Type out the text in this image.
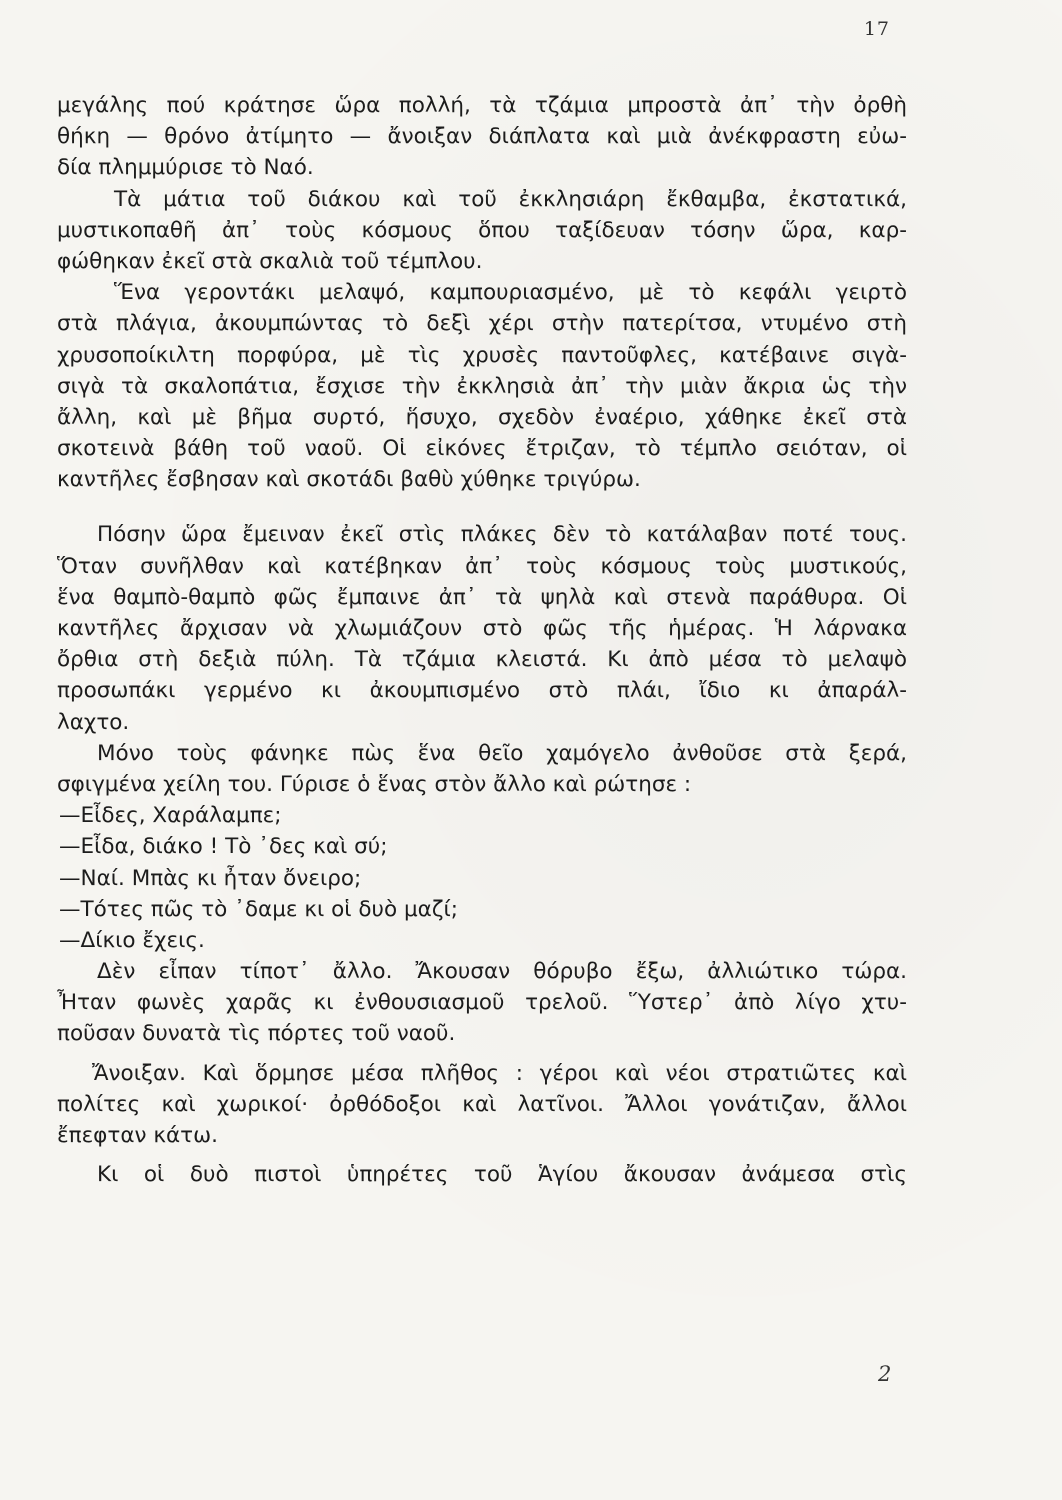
17
μεγάλης πού κράτησε ὥρα πολλή, τὰ τζάμια μπροστὰ ἀπ᾽ τὴν ὀρθὴ
θήκη — θρόνο ἀτίμητο — ἄνοιξαν διάπλατα καὶ μιὰ ἀνέκφραστη εὐω-
δία πλημμύρισε τὸ Ναό.
Τὰ μάτια τοῦ διάκου καὶ τοῦ ἐκκλησιάρη ἔκθαμβα, ἐκστατικά,
μυστικοπαθῆ ἀπ᾽ τοὺς κόσμους ὅπου ταξίδευαν τόσην ὥρα, καρ-
φώθηκαν ἐκεῖ στὰ σκαλιὰ τοῦ τέμπλου.
Ἕνα γεροντάκι μελαψό, καμπουριασμένο, μὲ τὸ κεφάλι γειρτὸ
στὰ πλάγια, ἀκουμπώντας τὸ δεξὶ χέρι στὴν πατερίτσα, ντυμένο στὴ
χρυσοποίκιλτη πορφύρα, μὲ τὶς χρυσὲς παντοῦφλες, κατέβαινε σιγὰ-
σιγὰ τὰ σκαλοπάτια, ἔσχισε τὴν ἐκκλησιὰ ἀπ᾽ τὴν μιὰν ἄκρια ὡς τὴν
ἄλλη, καὶ μὲ βῆμα συρτό, ἥσυχο, σχεδὸν ἐναέριο, χάθηκε ἐκεῖ στὰ
σκοτεινὰ βάθη τοῦ ναοῦ. Οἱ εἰκόνες ἔτριζαν, τὸ τέμπλο σειόταν, οἱ
καντῆλες ἔσβησαν καὶ σκοτάδι βαθὺ χύθηκε τριγύρω.
Πόσην ὥρα ἔμειναν ἐκεῖ στὶς πλάκες δὲν τὸ κατάλαβαν ποτέ τους.
Ὅταν συνῆλθαν καὶ κατέβηκαν ἀπ᾽ τοὺς κόσμους τοὺς μυστικούς,
ἕνα θαμπὸ-θαμπὸ φῶς ἔμπαινε ἀπ᾽ τὰ ψηλὰ καὶ στενὰ παράθυρα. Οἱ
καντῆλες ἄρχισαν νὰ χλωμιάζουν στὸ φῶς τῆς ἡμέρας. Ἡ λάρνακα
ὄρθια στὴ δεξιὰ πύλη. Τὰ τζάμια κλειστά. Κι ἀπὸ μέσα τὸ μελαψὸ
προσωπάκι γερμένο κι ἀκουμπισμένο στὸ πλάι, ἴδιο κι ἀπαράλ-
λαχτο.
Μόνο τοὺς φάνηκε πὼς ἕνα θεῖο χαμόγελο ἀνθοῦσε στὰ ξερά,
σφιγμένα χείλη του. Γύρισε ὁ ἕνας στὸν ἄλλο καὶ ρώτησε :
—Εἶδες, Χαράλαμπε;
—Εἶδα, διάκο ! Τὸ ᾽δες καὶ σύ;
—Ναί. Μπὰς κι ἦταν ὄνειρο;
—Τότες πῶς τὸ ᾽δαμε κι οἱ δυὸ μαζί;
—Δίκιο ἔχεις.
Δὲν εἶπαν τίποτ᾽ ἄλλο. Ἄκουσαν θόρυβο ἔξω, ἀλλιώτικο τώρα.
Ἦταν φωνὲς χαρᾶς κι ἐνθουσιασμοῦ τρελοῦ. Ὕστερ᾽ ἀπὸ λίγο χτυ-
ποῦσαν δυνατὰ τὶς πόρτες τοῦ ναοῦ.
Ἄνοιξαν. Καὶ ὅρμησε μέσα πλῆθος : γέροι καὶ νέοι στρατιῶτες καὶ
πολίτες καὶ χωρικοί· ὀρθόδοξοι καὶ λατῖνοι. Ἄλλοι γονάτιζαν, ἄλλοι
ἔπεφταν κάτω.
Κι οἱ δυὸ πιστοὶ ὑπηρέτες τοῦ Ἁγίου ἄκουσαν ἀνάμεσα στὶς
2
